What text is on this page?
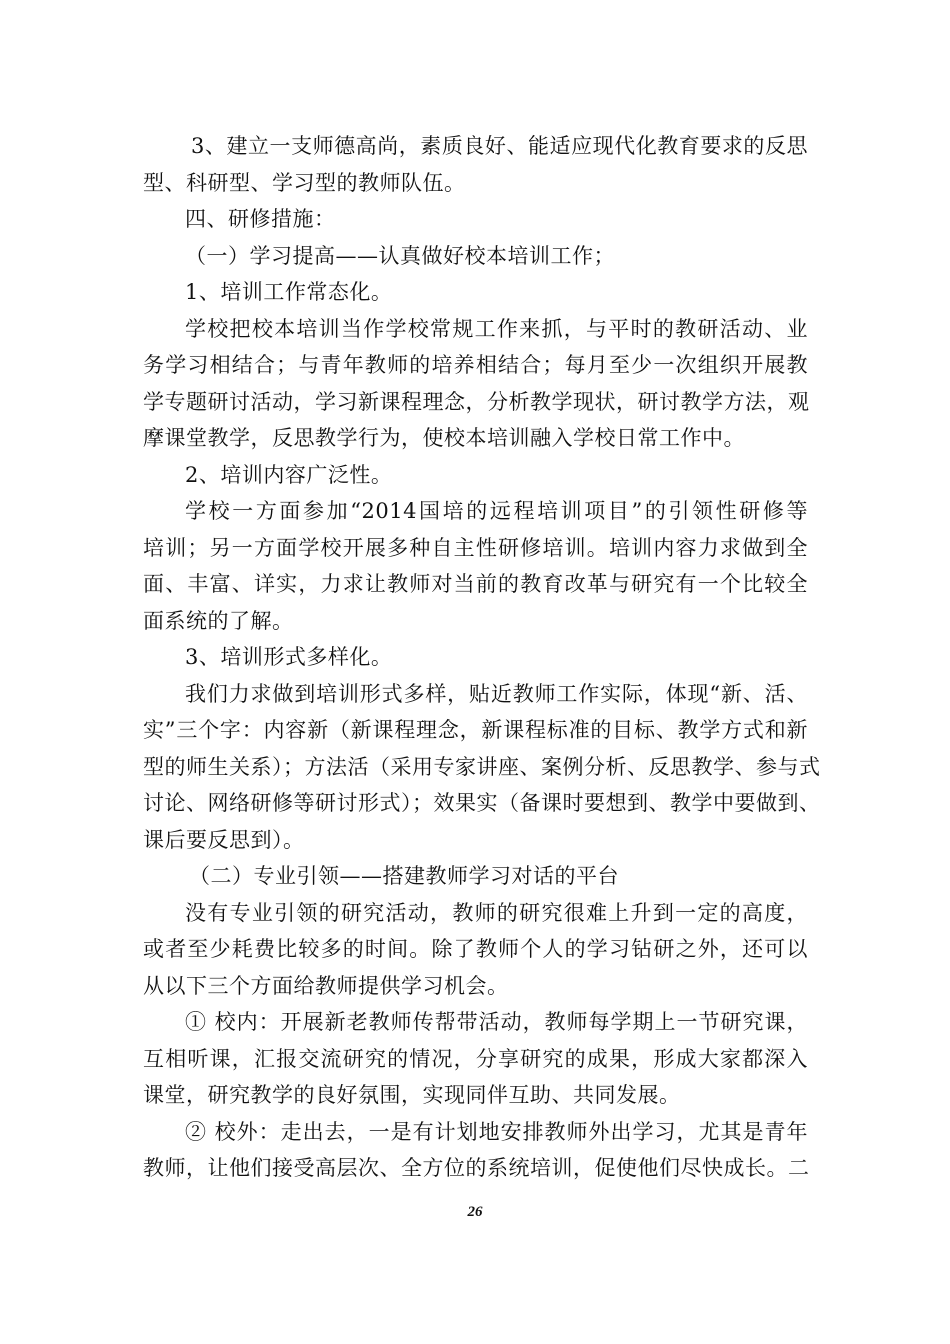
3、建立一支师德高尚，素质良好、能适应现代化教育要求的反思
型、科研型、学习型的教师队伍。
四、研修措施：
（一）学习提高——认真做好校本培训工作；
1、培训工作常态化。
学校把校本培训当作学校常规工作来抓，与平时的教研活动、业
务学习相结合；与青年教师的培养相结合；每月至少一次组织开展教
学专题研讨活动，学习新课程理念，分析教学现状，研讨教学方法，观
摩课堂教学，反思教学行为，使校本培训融入学校日常工作中。
2、培训内容广泛性。
学校一方面参加“2014国培的远程培训项目”的引领性研修等
培训；另一方面学校开展多种自主性研修培训。培训内容力求做到全
面、丰富、详实，力求让教师对当前的教育改革与研究有一个比较全
面系统的了解。
3、培训形式多样化。
我们力求做到培训形式多样，贴近教师工作实际，体现“新、活、
实”三个字：内容新（新课程理念，新课程标准的目标、教学方式和新
型的师生关系）；方法活（采用专家讲座、案例分析、反思教学、参与式
讨论、网络研修等研讨形式）；效果实（备课时要想到、教学中要做到、
课后要反思到）。
（二）专业引领——搭建教师学习对话的平台
没有专业引领的研究活动，教师的研究很难上升到一定的高度，
或者至少耗费比较多的时间。除了教师个人的学习钻研之外，还可以
从以下三个方面给教师提供学习机会。
① 校内：开展新老教师传帮带活动，教师每学期上一节研究课，
互相听课，汇报交流研究的情况，分享研究的成果，形成大家都深入
课堂，研究教学的良好氛围，实现同伴互助、共同发展。
② 校外：走出去，一是有计划地安排教师外出学习，尤其是青年
教师，让他们接受高层次、全方位的系统培训，促使他们尽快成长。二
26
